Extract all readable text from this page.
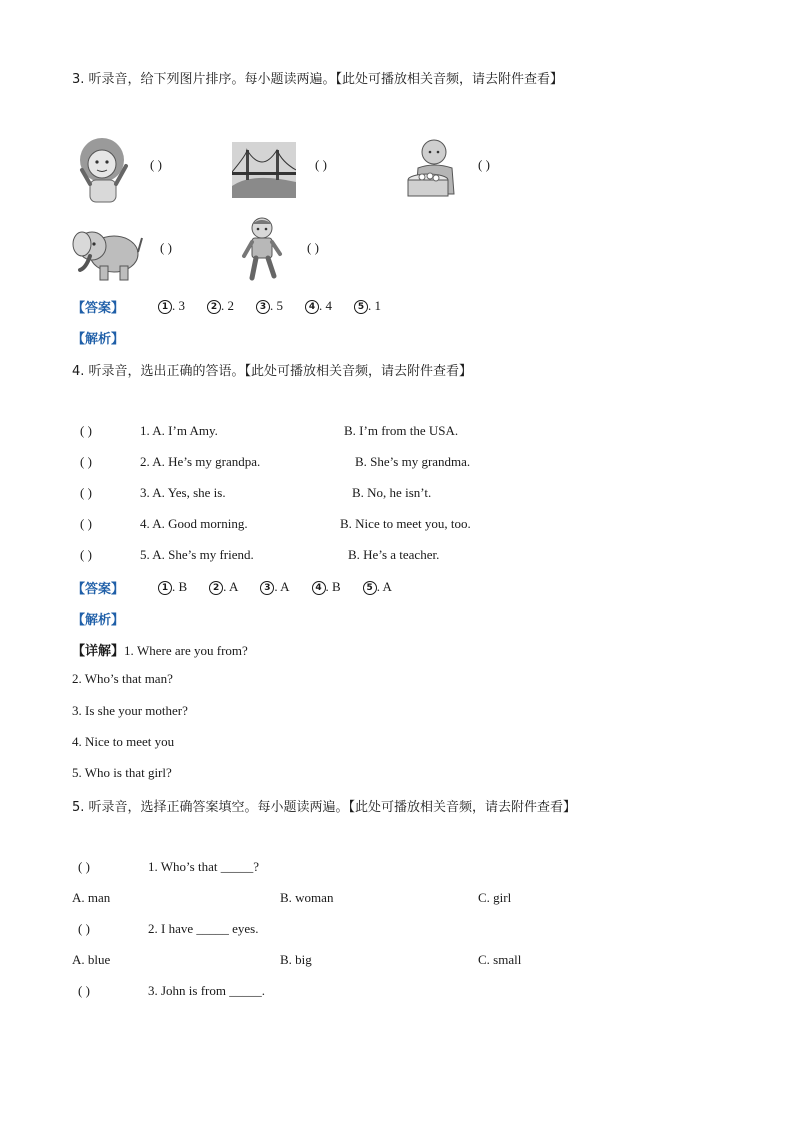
3. 听录音，给下列图片排序。每小题读两遍。【此处可播放相关音频，请去附件查看】
( )	( )	( )
( )	( )
【答案】	1 . 3	2 . 2	3 . 5	4 . 4	5 . 1
【解析】
4. 听录音，选出正确的答语。【此处可播放相关音频，请去附件查看】
( )	1. A. I’m Amy.	B. I’m from the USA.
( )	2. A. He’s my grandpa.	B. She’s my grandma.
( )	3. A. Yes, she is.	B. No, he isn’t.
( )	4. A. Good morning.	B. Nice to meet you, too.
( )	5. A. She’s my friend.	B. He’s a teacher.
【答案】	1 . B	2 . A	3 . A	4 . B	5 . A
【解析】
【详解】1. Where are you from?
2. Who’s that man?
3. Is she your mother?
4. Nice to meet you
5. Who is that girl?
5. 听录音，选择正确答案填空。每小题读两遍。【此处可播放相关音频，请去附件查看】
( )	1. Who’s that _____?
A. man	B. woman	C. girl
( )	2. I have _____ eyes.
A. blue	B. big	C. small
( )	3. John is from _____.
